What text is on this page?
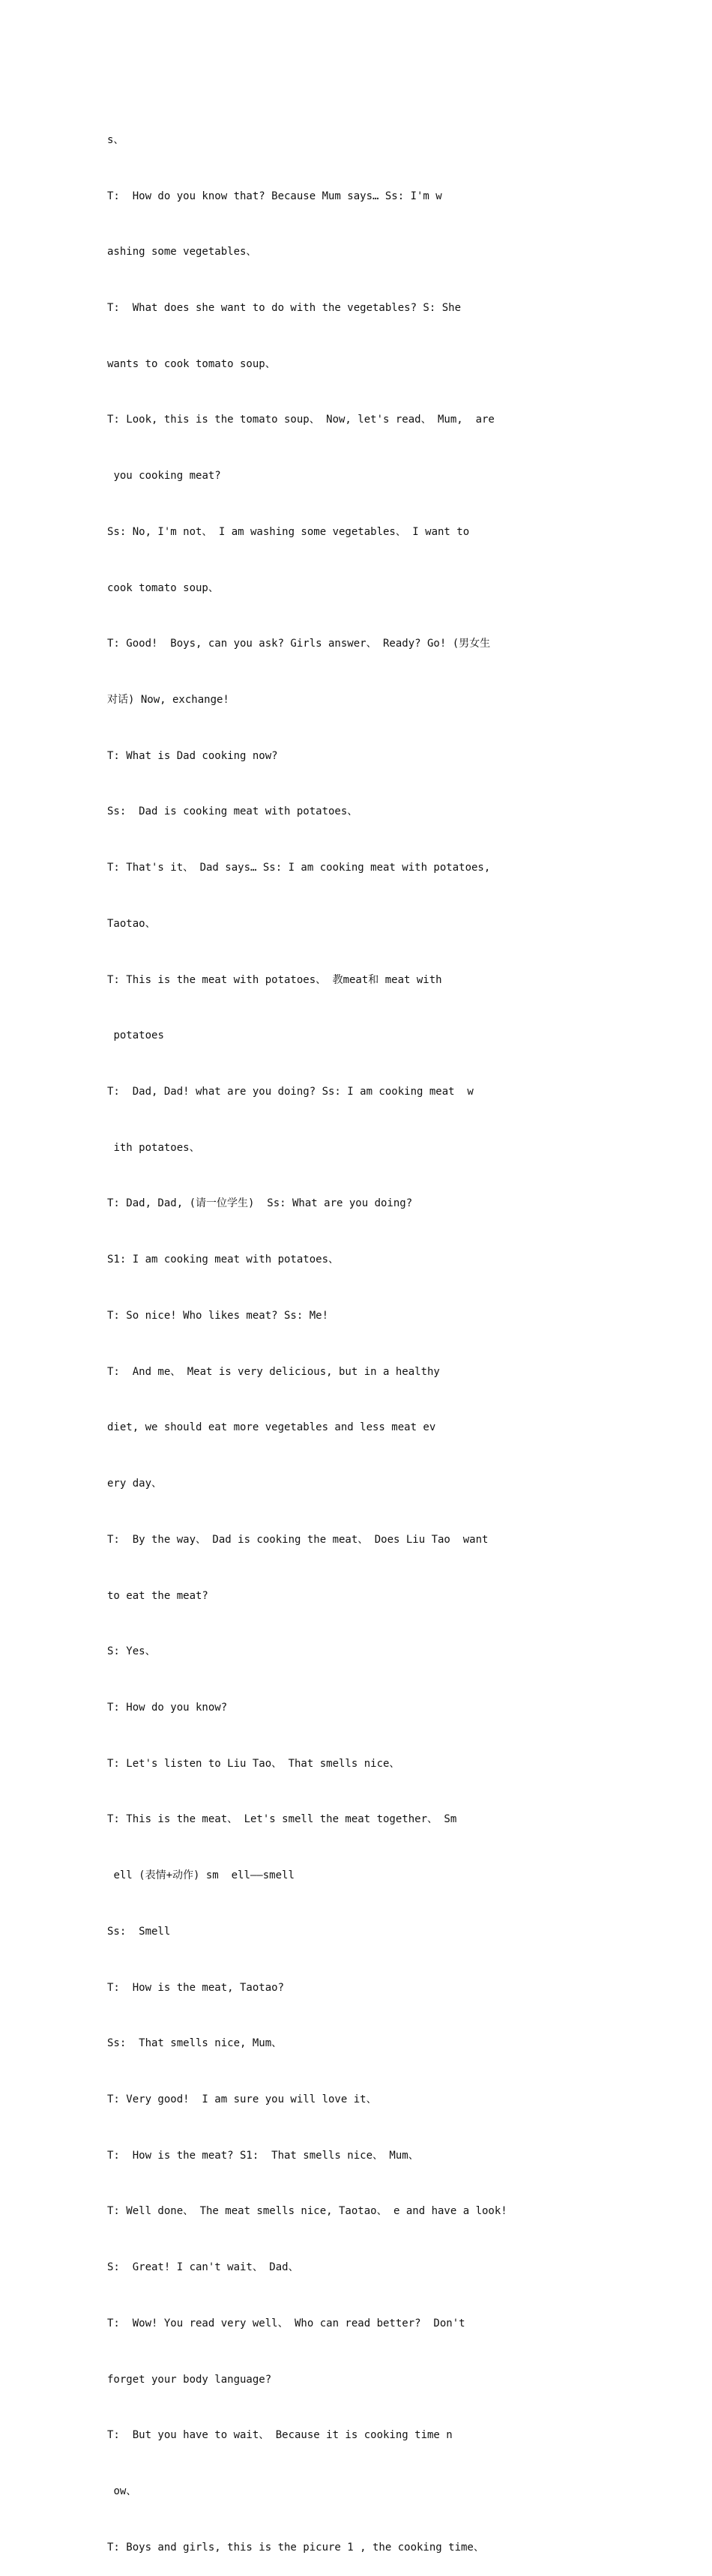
s、

T:  How do you know that? Because Mum says… Ss: I'm w

ashing some vegetables、

T:  What does she want to do with the vegetables? S: She

wants to cook tomato soup、

T: Look, this is the tomato soup、 Now, let's read、 Mum,  are

you cooking meat?

Ss: No, I'm not、 I am washing some vegetables、 I want to

cook tomato soup、

T: Good!  Boys, can you ask? Girls answer、 Ready? Go! (男女生

对话) Now, exchange!

T: What is Dad cooking now?

Ss:  Dad is cooking meat with potatoes、

T: That's it、 Dad says… Ss: I am cooking meat with potatoes,

Taotao、

T: This is the meat with potatoes、 教meat和 meat with

potatoes

T:  Dad, Dad! what are you doing? Ss: I am cooking meat  w

ith potatoes、

T: Dad, Dad, (请一位学生)  Ss: What are you doing?

S1: I am cooking meat with potatoes、

T: So nice! Who likes meat? Ss: Me!

T:  And me、 Meat is very delicious, but in a healthy

diet, we should eat more vegetables and less meat ev

ery day、

T:  By the way、 Dad is cooking the meat、 Does Liu Tao  want

to eat the meat?

S: Yes、

T: How do you know?

T: Let's listen to Liu Tao、 That smells nice、

T: This is the meat、 Let's smell the meat together、 Sm

ell (表情+动作) sm  ell——smell

Ss:  Smell

T:  How is the meat, Taotao?

Ss:  That smells nice, Mum、

T: Very good!  I am sure you will love it、

T:  How is the meat? S1:  That smells nice、 Mum、

T: Well done、 The meat smells nice, Taotao、 e and have a look!

S:  Great! I can't wait、 Dad、

T:  Wow! You read very well、 Who can read better?  Don't

forget your body language?

T:  But you have to wait、 Because it is cooking time n

ow、

T: Boys and girls, this is the picure 1 , the cooking time、
